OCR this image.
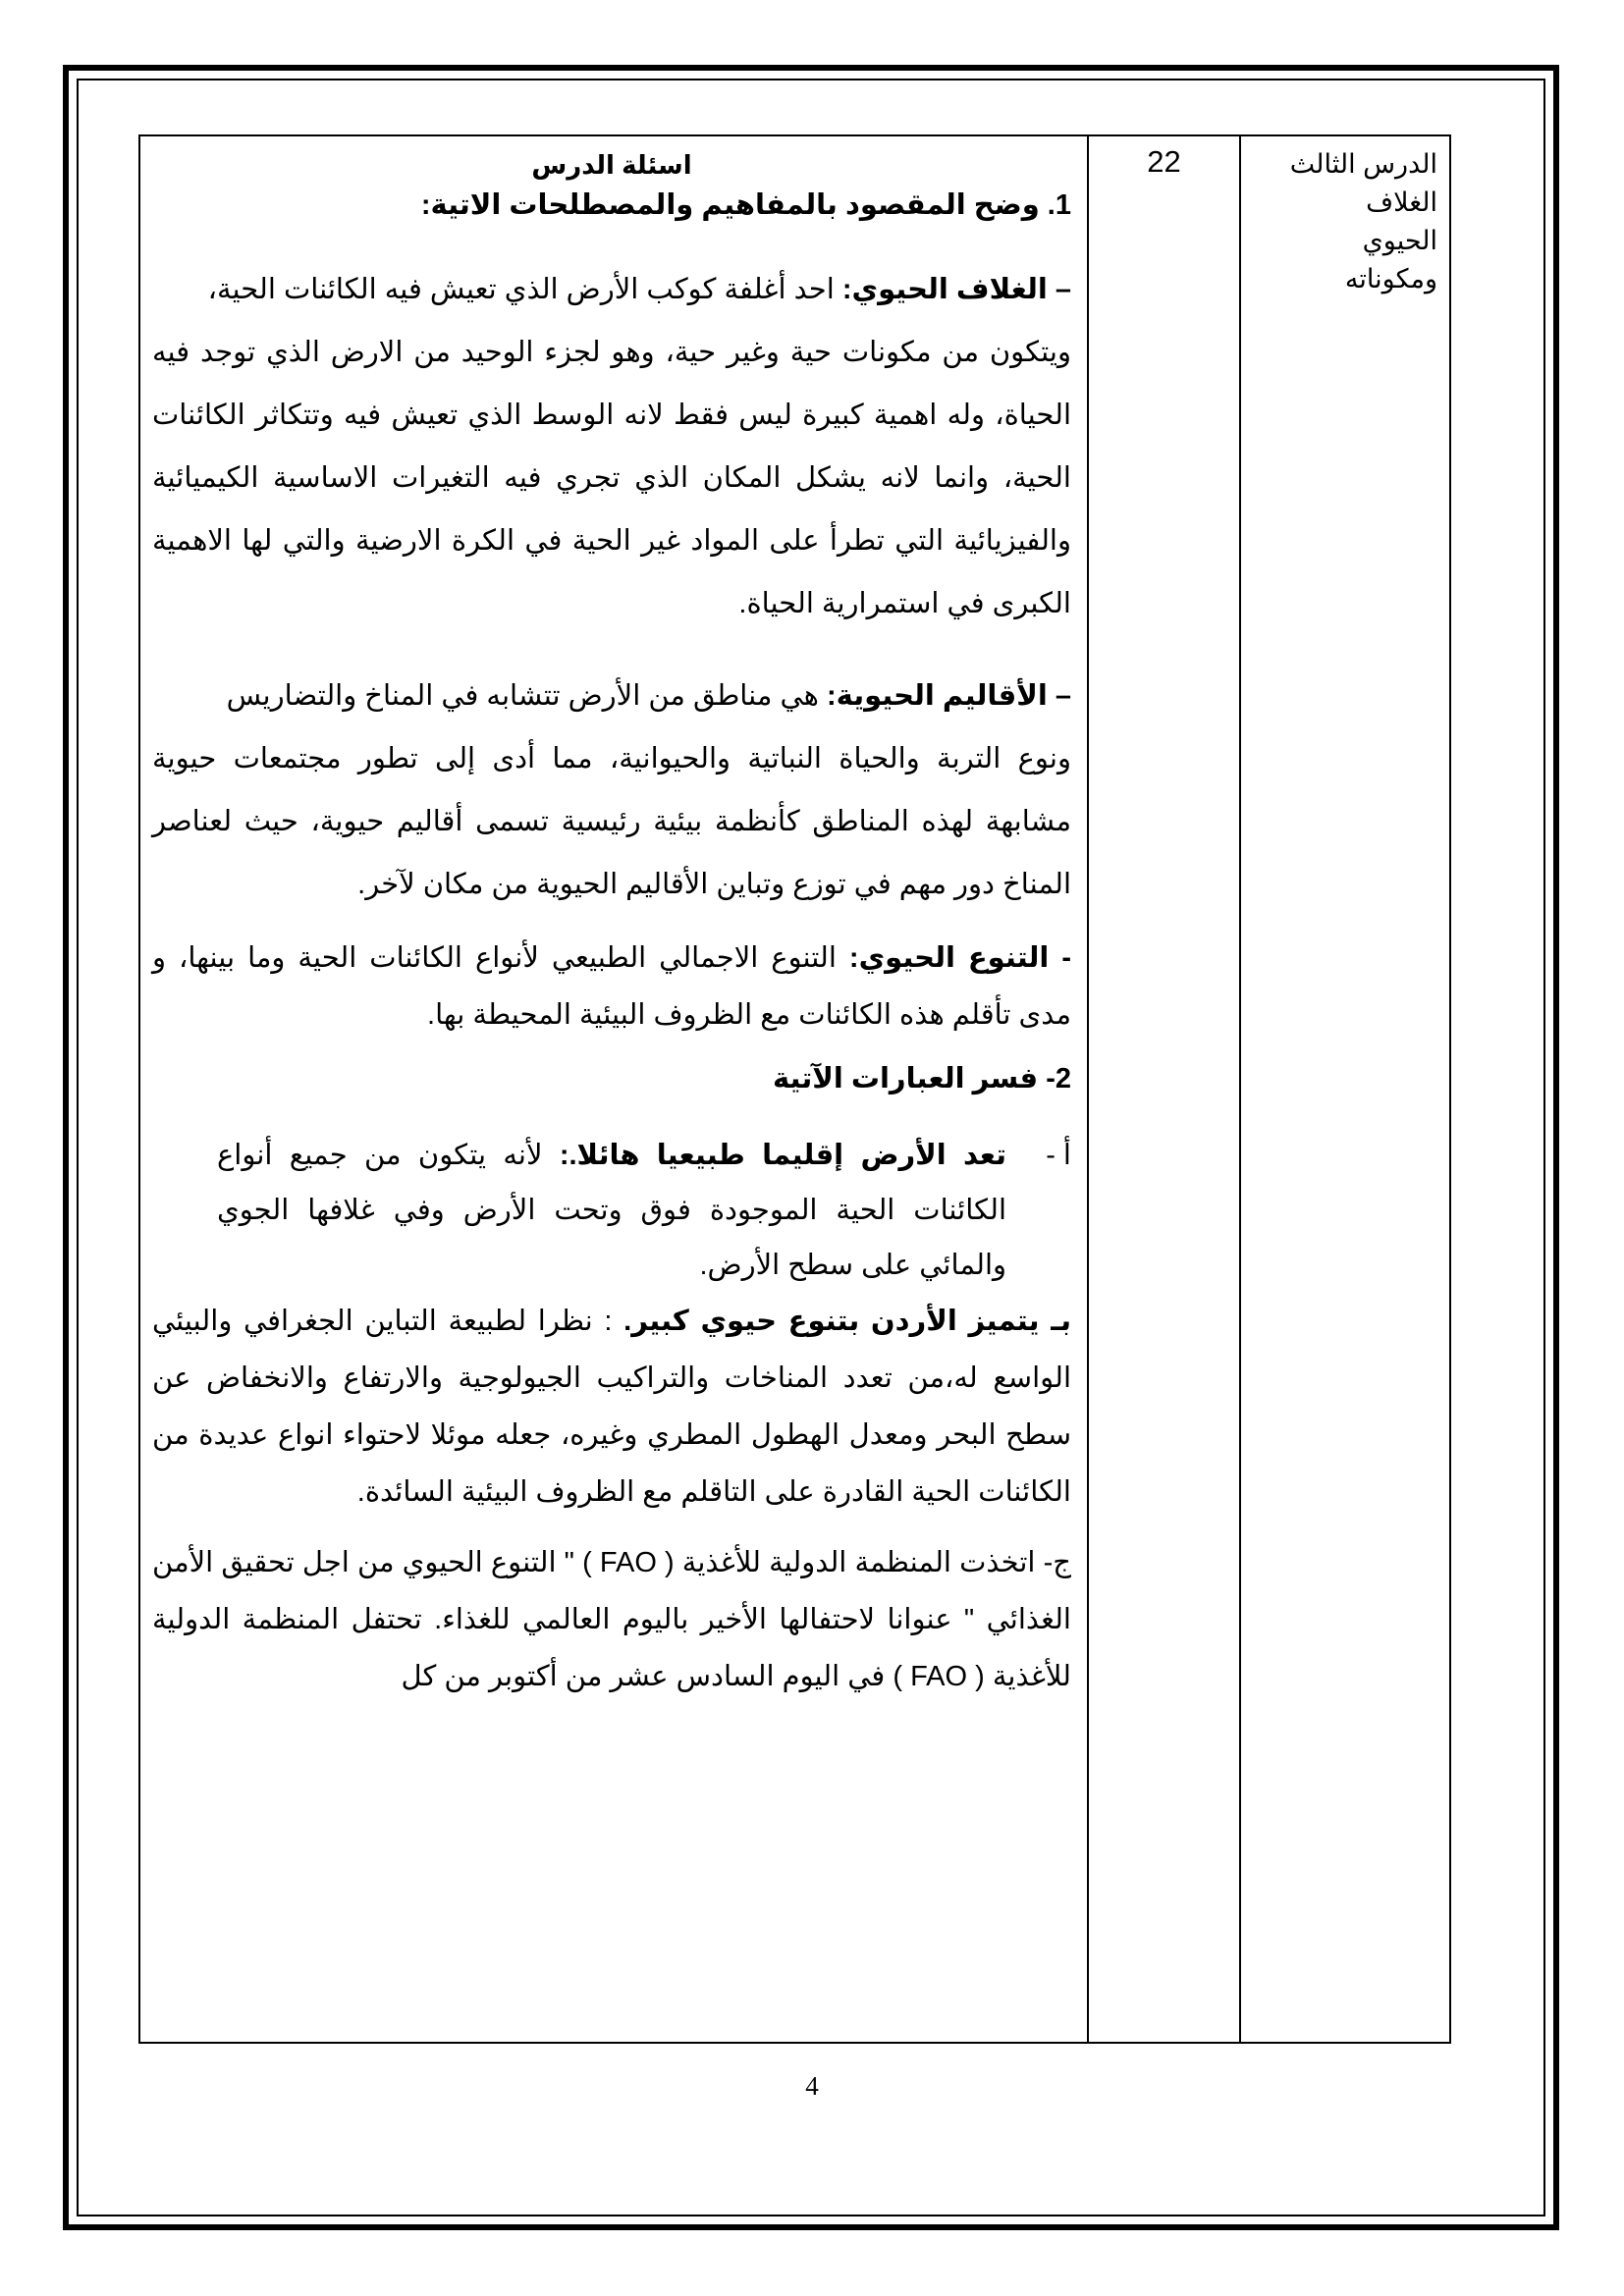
الدرس الثالث
الغلاف
الحيوي
ومكوناته

22

اسئلة الدرس
1. وضح المقصود بالمفاهيم والمصطلحات الاتية:
– الغلاف الحيوي: احد أغلفة كوكب الأرض الذي تعيش فيه الكائنات الحية،
ويتكون من مكونات حية وغير حية، وهو لجزء الوحيد من الارض الذي توجد فيه الحياة، وله اهمية كبيرة ليس فقط لانه الوسط الذي تعيش فيه وتتكاثر الكائنات الحية، وانما لانه يشكل المكان الذي تجري فيه التغيرات الاساسية الكيميائية والفيزيائية التي تطرأ على المواد غير الحية في الكرة الارضية والتي لها الاهمية الكبرى في استمرارية الحياة.
– الأقاليم الحيوية: هي مناطق من الأرض تتشابه في المناخ والتضاريس
ونوع التربة والحياة النباتية والحيوانية، مما أدى إلى تطور مجتمعات حيوية مشابهة لهذه المناطق كأنظمة بيئية رئيسية تسمى أقاليم حيوية، حيث لعناصر المناخ دور مهم في توزع وتباين الأقاليم الحيوية من مكان لآخر.
- التنوع الحيوي: التنوع الاجمالي الطبيعي لأنواع الكائنات الحية وما بينها، و مدى تأقلم هذه الكائنات مع الظروف البيئية المحيطة بها.
2- فسر العبارات الآتية
أ -
تعد الأرض إقليما طبيعيا هائلا.: لأنه يتكون من جميع أنواع الكائنات الحية الموجودة فوق وتحت الأرض وفي غلافها الجوي والمائي على سطح الأرض.
بـ يتميز الأردن بتنوع حيوي كبير. : نظرا لطبيعة التباين الجغرافي والبيئي الواسع له،من تعدد المناخات والتراكيب الجيولوجية والارتفاع والانخفاض عن سطح البحر ومعدل الهطول المطري وغيره، جعله موئلا لاحتواء انواع عديدة من الكائنات الحية القادرة على التاقلم مع الظروف البيئية السائدة.
ج- اتخذت المنظمة الدولية للأغذية ( FAO ) " التنوع الحيوي من اجل تحقيق الأمن الغذائي " عنوانا لاحتفالها الأخير باليوم العالمي للغذاء. تحتفل المنظمة الدولية للأغذية ( FAO ) في اليوم السادس عشر من أكتوبر من كل
4
